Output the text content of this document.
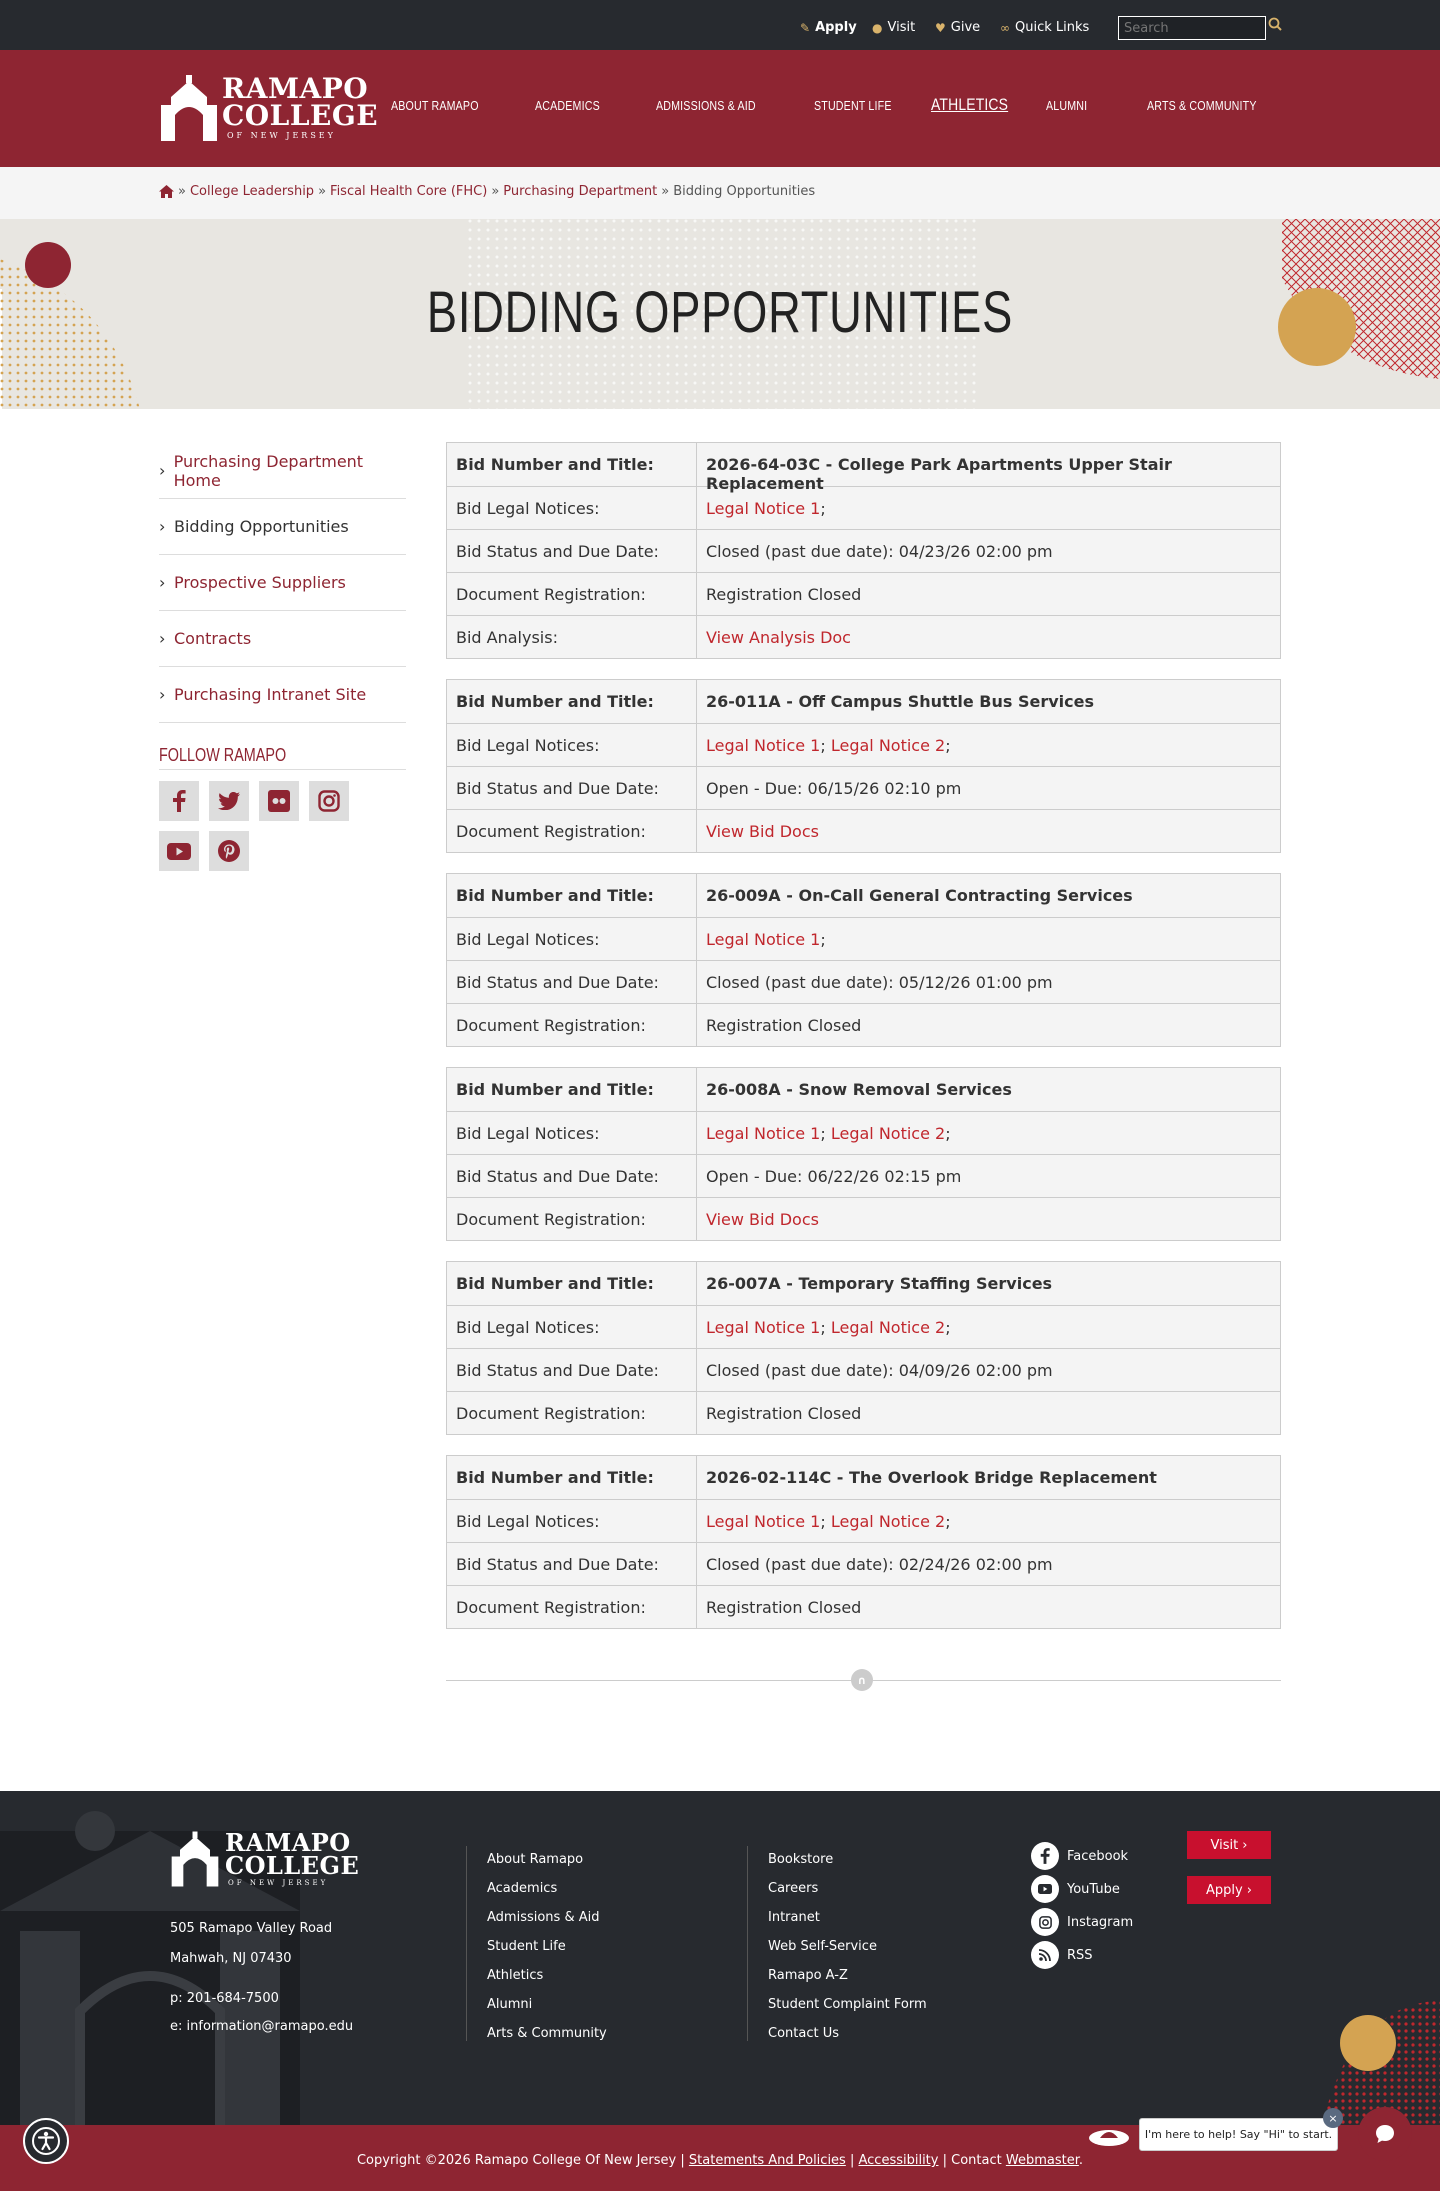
✎ Apply ● Visit ♥ Give ∞ Quick Links
Search
RAMAPO
COLLEGE
OF NEW JERSEY
ABOUT RAMAPO	ACADEMICS	ADMISSIONS & AID	STUDENT LIFE ATHLETICS	ALUMNI	ARTS & COMMUNITY
» College Leadership » Fiscal Health Core (FHC) » Purchasing Department » Bidding Opportunities
BIDDING OPPORTUNITIES
› Purchasing Department Home
› Bidding Opportunities
› Prospective Suppliers
› Contracts
› Purchasing Intranet Site
FOLLOW RAMAPO
Bid Number and Title:	2026-64-03C - College Park Apartments Upper Stair Replacement
Bid Legal Notices:	Legal Notice 1;
Bid Status and Due Date:	Closed (past due date): 04/23/26 02:00 pm
Document Registration:	Registration Closed
Bid Analysis:	View Analysis Doc
Bid Number and Title:	26-011A - Off Campus Shuttle Bus Services
Bid Legal Notices:	Legal Notice 1; Legal Notice 2;
Bid Status and Due Date:	Open - Due: 06/15/26 02:10 pm
Document Registration:	View Bid Docs
Bid Number and Title:	26-009A - On-Call General Contracting Services
Bid Legal Notices:	Legal Notice 1;
Bid Status and Due Date:	Closed (past due date): 05/12/26 01:00 pm
Document Registration:	Registration Closed
Bid Number and Title:	26-008A - Snow Removal Services
Bid Legal Notices:	Legal Notice 1; Legal Notice 2;
Bid Status and Due Date:	Open - Due: 06/22/26 02:15 pm
Document Registration:	View Bid Docs
Bid Number and Title:	26-007A - Temporary Staffing Services
Bid Legal Notices:	Legal Notice 1; Legal Notice 2;
Bid Status and Due Date:	Closed (past due date): 04/09/26 02:00 pm
Document Registration:	Registration Closed
Bid Number and Title:	2026-02-114C - The Overlook Bridge Replacement
Bid Legal Notices:	Legal Notice 1; Legal Notice 2;
Bid Status and Due Date:	Closed (past due date): 02/24/26 02:00 pm
Document Registration:	Registration Closed
∩
RAMAPO
COLLEGE
OF NEW JERSEY
505 Ramapo Valley Road
Mahwah, NJ 07430
p: 201-684-7500
e: information@ramapo.edu
About Ramapo
Academics
Admissions & Aid
Student Life
Athletics
Alumni
Arts & Community
Bookstore
Careers
Intranet
Web Self-Service
Ramapo A-Z
Student Complaint Form
Contact Us
Facebook
YouTube
Instagram
RSS
Visit ›
Apply ›
Copyright ©2026 Ramapo College Of New Jersey | Statements And Policies | Accessibility | Contact Webmaster.
I'm here to help! Say "Hi" to start.
×
